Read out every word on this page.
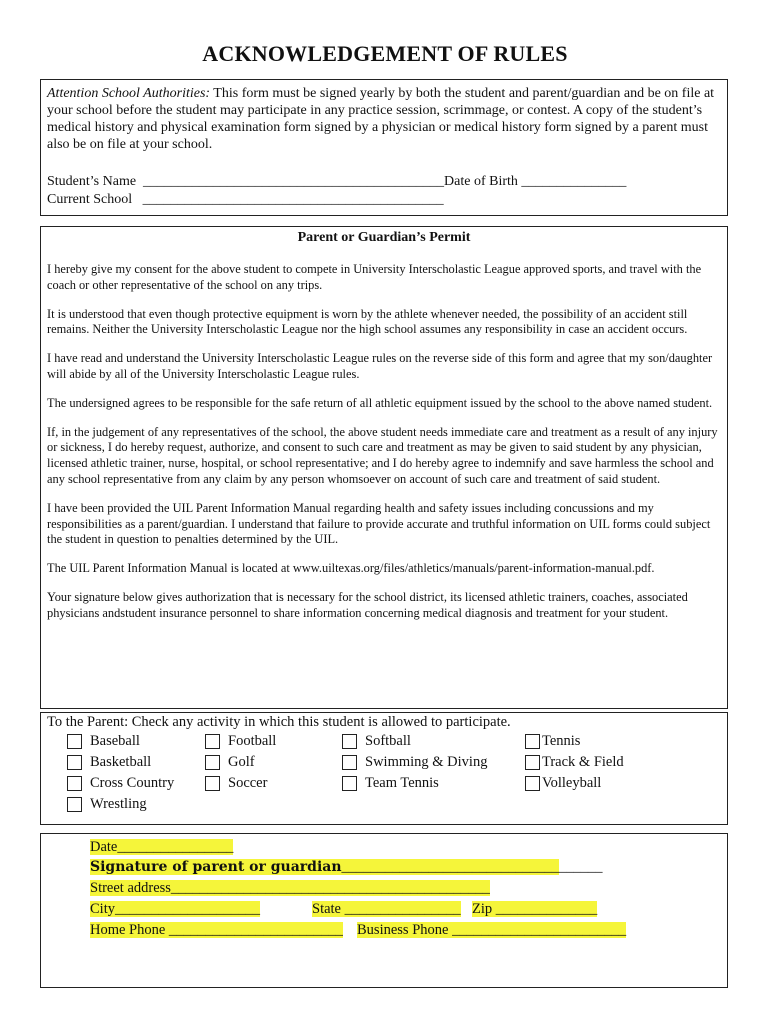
ACKNOWLEDGEMENT OF RULES

Attention School Authorities: This form must be signed yearly by both the student and parent/guardian and be on file at your school before the student may participate in any practice session, scrimmage, or contest. A copy of the student’s medical history and physical examination form signed by a physician or medical history form signed by a parent must also be on file at your school.

Student’s Name  ___________________________________________Date of Birth _______________
Current School   ___________________________________________
Parent or Guardian’s Permit

I hereby give my consent for the above student to compete in University Interscholastic League approved sports, and travel with the coach or other representative of the school on any trips.

It is understood that even though protective equipment is worn by the athlete whenever needed, the possibility of an accident still remains. Neither the University Interscholastic League nor the high school assumes any responsibility in case an accident occurs.

I have read and understand the University Interscholastic League rules on the reverse side of this form and agree that my son/daughter will abide by all of the University Interscholastic League rules.

The undersigned agrees to be responsible for the safe return of all athletic equipment issued by the school to the above named student.

If, in the judgement of any representatives of the school, the above student needs immediate care and treatment as a result of any injury or sickness, I do hereby request, authorize, and consent to such care and treatment as may be given to said student by any physician, licensed athletic trainer, nurse, hospital, or school representative; and I do hereby agree to indemnify and save harmless the school and any school representative from any claim by any person whomsoever on account of such care and treatment of said student.

I have been provided the UIL Parent Information Manual regarding health and safety issues including concussions and my responsibilities as a parent/guardian. I understand that failure to provide accurate and truthful information on UIL forms could subject the student in question to penalties determined by the UIL.

The UIL Parent Information Manual is located at www.uiltexas.org/files/athletics/manuals/parent-information-manual.pdf.

Your signature below gives authorization that is necessary for the school district, its licensed athletic trainers, coaches, associated physicians andstudent insurance personnel to share information concerning medical diagnosis and treatment for your student.

To the Parent: Check any activity in which this student is allowed to participate.
Baseball	Football	Softball	Tennis
Basketball	Golf	Swimming & Diving	Track & Field
Cross Country	Soccer	Team Tennis	Volleyball
Wrestling
Date________________
Signature of parent or guardian____________________________________
Street address____________________________________________
City____________________	State ________________ Zip ______________
Home Phone ________________________ Business Phone ________________________
